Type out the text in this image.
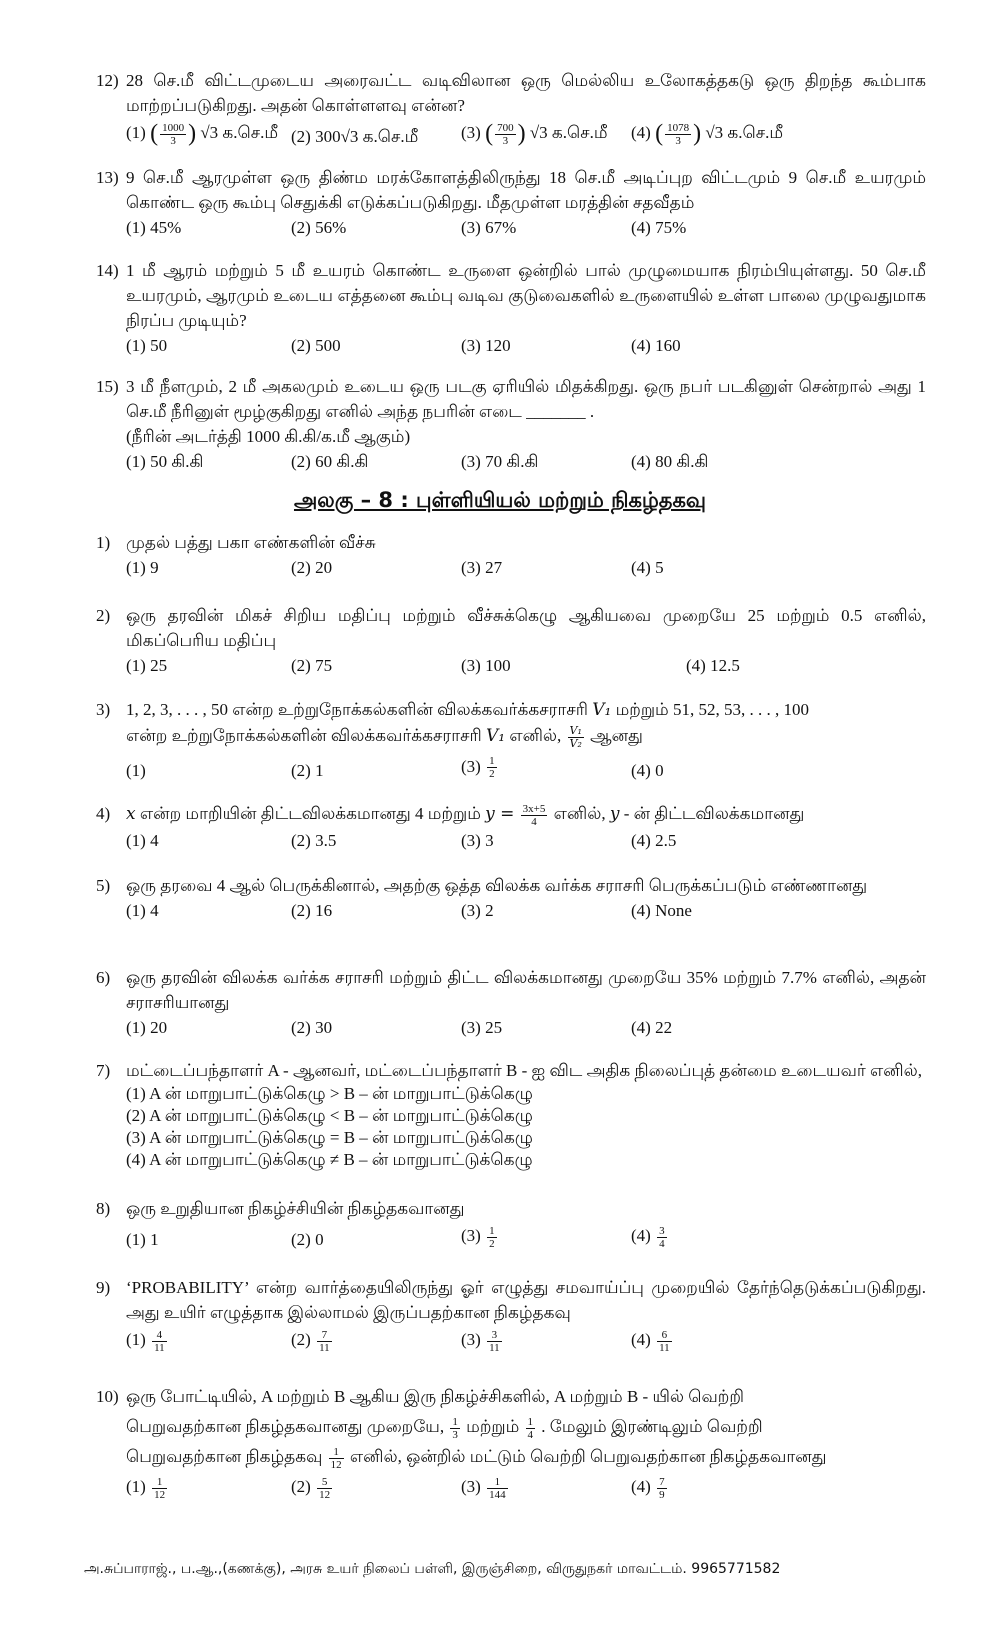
12) 28 செ.மீ விட்டமுடைய அரைவட்ட வடிவிலான ஒரு மெல்லிய உலோகத்தகடு ஒரு திறந்த கூம்பாக மாற்றப்படுகிறது. அதன் கொள்ளளவு என்ன?
(1) ( $\frac{1000}{3}$ ) √3 க.செ.மீ (2) 300√3 க.செ.மீ	(3) ( $\frac{700}{3}$ ) √3 க.செ.மீ (4) ( $\frac{1078}{3}$ ) √3 க.செ.மீ
13) 9 செ.மீ ஆரமுள்ள ஒரு திண்ம மரக்கோளத்திலிருந்து 18 செ.மீ அடிப்புற விட்டமும் 9 செ.மீ உயரமும் கொண்ட ஒரு கூம்பு செதுக்கி எடுக்கப்படுகிறது. மீதமுள்ள மரத்தின் சதவீதம்
(1) 45%	(2) 56%	(3) 67%	(4) 75%
14) 1 மீ ஆரம் மற்றும் 5 மீ உயரம் கொண்ட உருளை ஒன்றில் பால் முழுமையாக நிரம்பியுள்ளது. 50 செ.மீ உயரமும், ஆரமும் உடைய எத்தனை கூம்பு வடிவ குடுவைகளில் உருளையில் உள்ள பாலை முழுவதுமாக நிரப்ப முடியும்?
(1) 50	(2) 500	(3) 120	(4) 160
15) 3 மீ நீளமும், 2 மீ அகலமும் உடைய ஒரு படகு ஏரியில் மிதக்கிறது. ஒரு நபர் படகினுள் சென்றால் அது 1 செ.மீ நீரினுள் மூழ்குகிறது எனில் அந்த நபரின் எடை _______ .
(நீரின் அடர்த்தி 1000 கி.கி/க.மீ ஆகும்)
(1) 50 கி.கி	(2) 60 கி.கி	(3) 70 கி.கி	(4) 80 கி.கி
அலகு – 8 : புள்ளியியல் மற்றும் நிகழ்தகவு
1) முதல் பத்து பகா எண்களின் வீச்சு
(1) 9	(2) 20	(3) 27	(4) 5
2) ஒரு தரவின் மிகச் சிறிய மதிப்பு மற்றும் வீச்சுக்கெழு ஆகியவை முறையே 25 மற்றும் 0.5 எனில், மிகப்பெரிய மதிப்பு
(1) 25	(2) 75	(3) 100	(4) 12.5
3) 1, 2, 3, . . . , 50 என்ற உற்றுநோக்கல்களின் விலக்கவர்க்கசராசரி V₁ மற்றும் 51, 52, 53, . . . , 100
என்ற உற்றுநோக்கல்களின் விலக்கவர்க்கசராசரி V₁ எனில், $\frac{\text{V₁}}{\text{V₂}}$ ஆனது
(1)	(2) 1	$(3) \frac{1}{2}$	(4) 0
4) x என்ற மாறியின் திட்டவிலக்கமானது 4 மற்றும் $y = \frac{3x+5}{4}$ எனில், y - ன் திட்டவிலக்கமானது
(1) 4	(2) 3.5	(3) 3	(4) 2.5
5) ஒரு தரவை 4 ஆல் பெருக்கினால், அதற்கு ஒத்த விலக்க வர்க்க சராசரி பெருக்கப்படும் எண்ணானது
(1) 4	(2) 16	(3) 2	(4) None
6) ஒரு தரவின் விலக்க வர்க்க சராசரி மற்றும் திட்ட விலக்கமானது முறையே 35% மற்றும் 7.7% எனில், அதன் சராசரியானது
(1) 20	(2) 30	(3) 25	(4) 22
7) மட்டைப்பந்தாளர் A - ஆனவர், மட்டைப்பந்தாளர் B - ஐ விட அதிக நிலைப்புத் தன்மை உடையவர் எனில்,
(1) A ன் மாறுபாட்டுக்கெழு > B – ன் மாறுபாட்டுக்கெழு
(2) A ன் மாறுபாட்டுக்கெழு < B – ன் மாறுபாட்டுக்கெழு
(3) A ன் மாறுபாட்டுக்கெழு = B – ன் மாறுபாட்டுக்கெழு
(4) A ன் மாறுபாட்டுக்கெழு ≠ B – ன் மாறுபாட்டுக்கெழு
8) ஒரு உறுதியான நிகழ்ச்சியின் நிகழ்தகவானது
(1) 1	(2) 0	$(3) \frac{1}{2}$	$(4) \frac{3}{4}$
9) ‘PROBABILITY’ என்ற வார்த்தையிலிருந்து ஓர் எழுத்து சமவாய்ப்பு முறையில் தேர்ந்தெடுக்கப்படுகிறது. அது உயிர் எழுத்தாக இல்லாமல் இருப்பதற்கான நிகழ்தகவு
$(1) \frac{4}{11}$	$(2) \frac{7}{11}$	$(3) \frac{3}{11}$	$(4) \frac{6}{11}$
10) ஒரு போட்டியில், A மற்றும் B ஆகிய இரு நிகழ்ச்சிகளில், A மற்றும் B - யில் வெற்றி
பெறுவதற்கான நிகழ்தகவானது முறையே, $\frac{1}{3}$ மற்றும் $\frac{1}{4}$ . மேலும் இரண்டிலும் வெற்றி
பெறுவதற்கான நிகழ்தகவு $\frac{1}{12}$ எனில், ஒன்றில் மட்டும் வெற்றி பெறுவதற்கான நிகழ்தகவானது
$(1) \frac{1}{12}$	$(2) \frac{5}{12}$	$(3) \frac{1}{144}$	$(4) \frac{7}{9}$
அ.சுப்பாராஜ்., ப.ஆ.,(கணக்கு), அரசு உயர் நிலைப் பள்ளி, இருஞ்சிறை, விருதுநகர் மாவட்டம். 9965771582
